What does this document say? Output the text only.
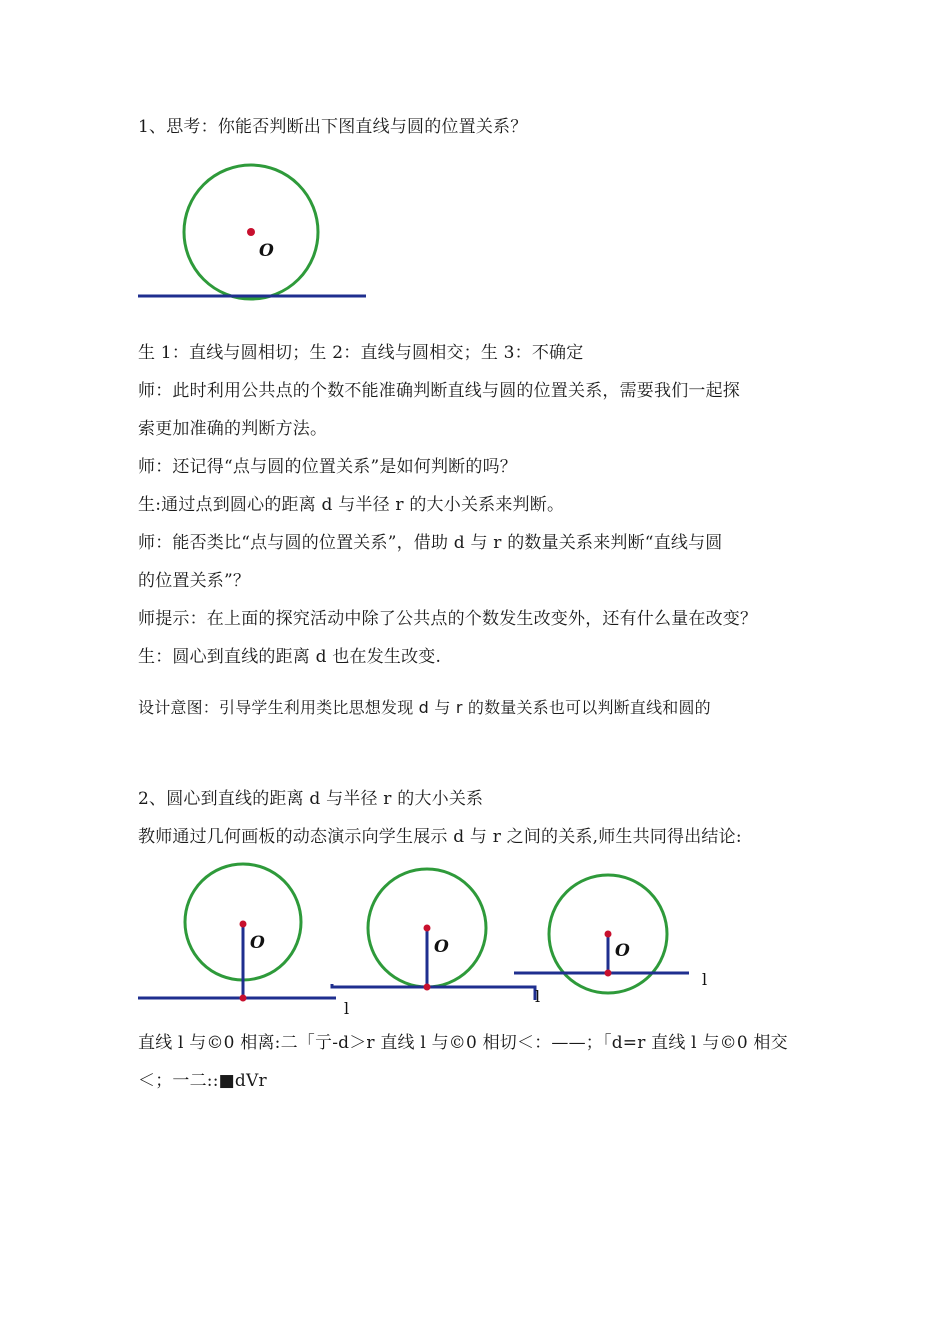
1、思考：你能否判断出下图直线与圆的位置关系？
O
生 1：直线与圆相切；生 2：直线与圆相交；生 3：不确定
师：此时利用公共点的个数不能准确判断直线与圆的位置关系，需要我们一起探
索更加准确的判断方法。
师：还记得“点与圆的位置关系”是如何判断的吗？
生:通过点到圆心的距离 d 与半径 r 的大小关系来判断。
师：能否类比“点与圆的位置关系”，借助 d 与 r 的数量关系来判断“直线与圆
的位置关系”？
师提示：在上面的探究活动中除了公共点的个数发生改变外，还有什么量在改变？
生：圆心到直线的距离 d 也在发生改变.
设计意图：引导学生利用类比思想发现 d 与 r 的数量关系也可以判断直线和圆的
2、圆心到直线的距离 d 与半径 r 的大小关系
教师通过几何画板的动态演示向学生展示 d 与 r 之间的关系,师生共同得出结论:
O
l
O
l
O
l
直线 l 与©0 相离:二「亍-d＞r 直线 l 与©0 相切＜：——；「d=r 直线 l 与©0 相交
＜；一二::■dVr
